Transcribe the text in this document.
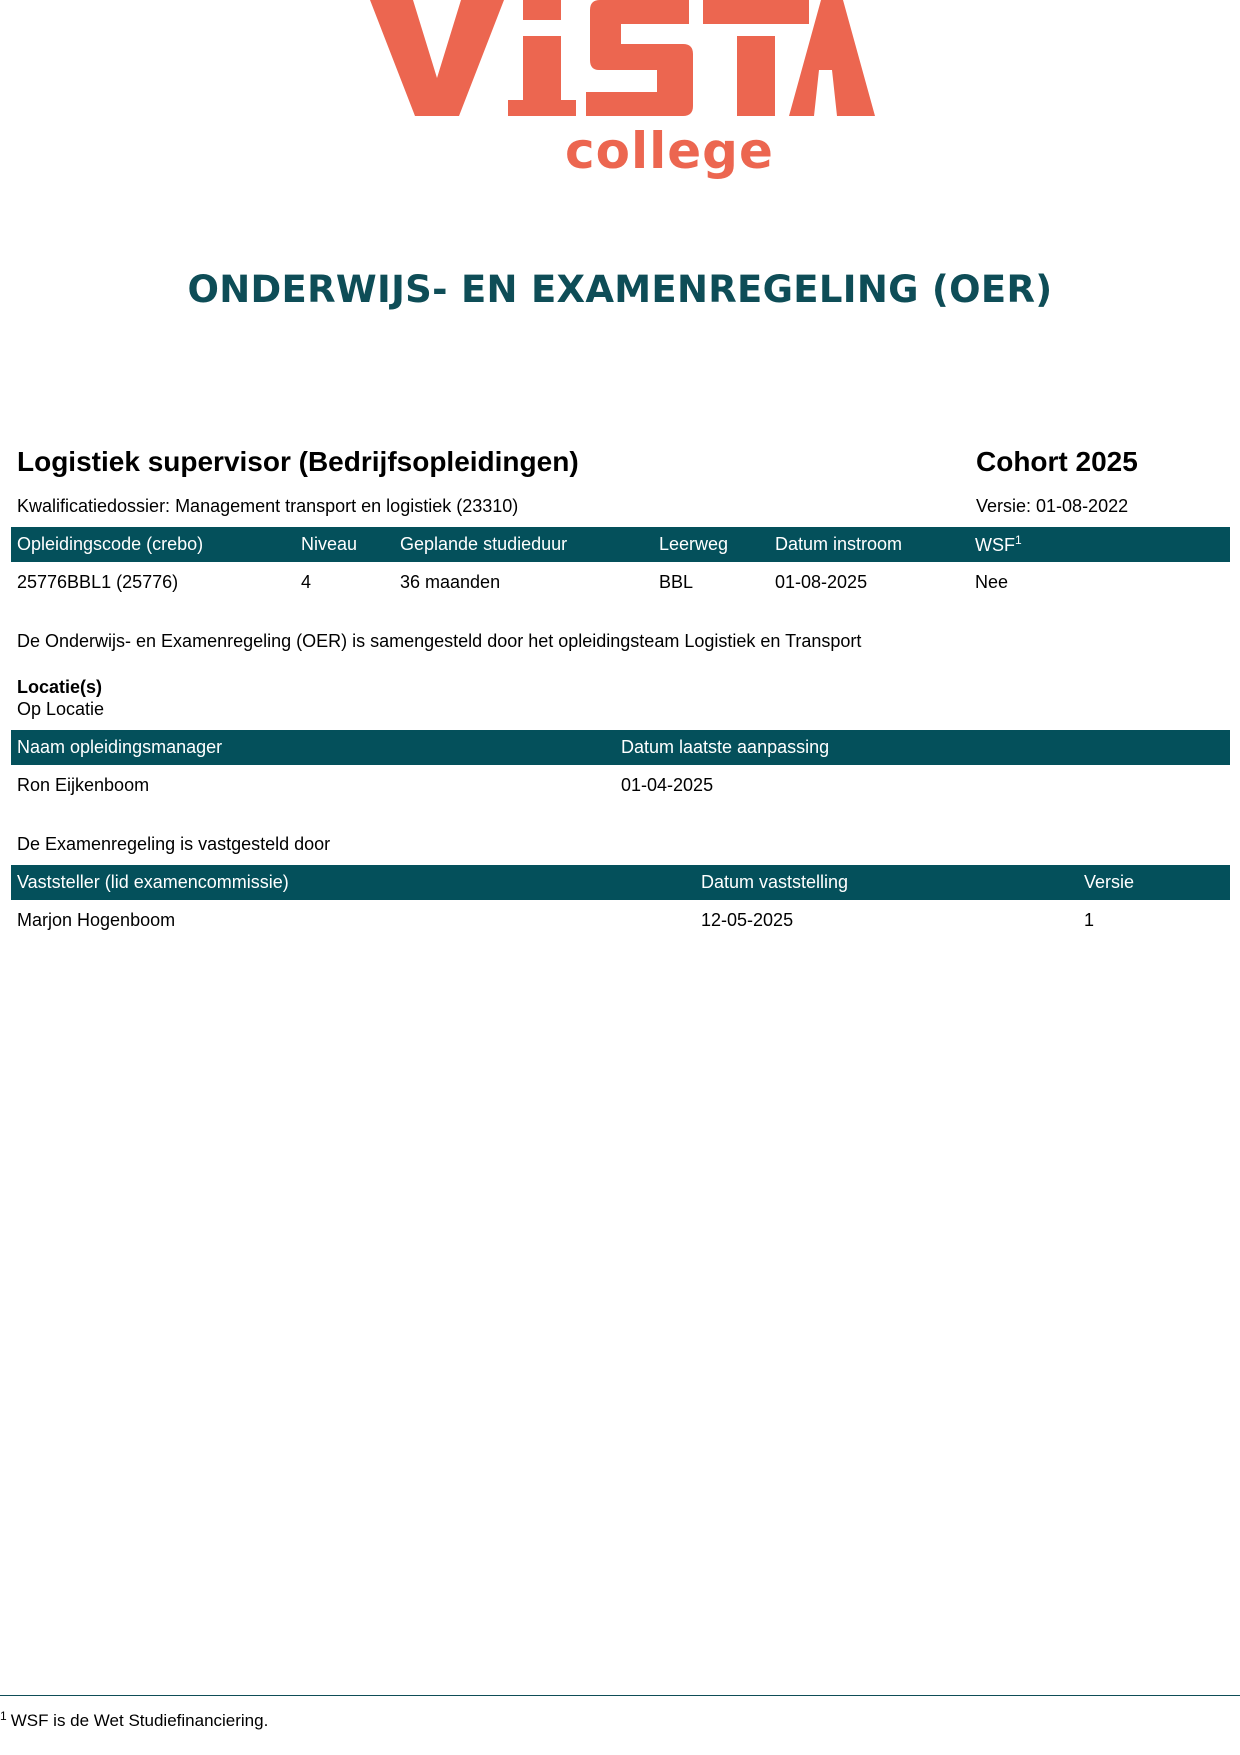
college
ONDERWIJS- EN EXAMENREGELING (OER)
Logistiek supervisor (Bedrijfsopleidingen)	Cohort 2025
Kwalificatiedossier: Management transport en logistiek (23310)	Versie: 01-08-2022
Opleidingscode (crebo)	Niveau	Geplande studieduur	Leerweg	Datum instroom	WSF$^1$
25776BBL1 (25776)	4	36 maanden	BBL	01-08-2025	Nee
De Onderwijs- en Examenregeling (OER) is samengesteld door het opleidingsteam Logistiek en Transport
Locatie(s)
Op Locatie
Naam opleidingsmanager	Datum laatste aanpassing
Ron Eijkenboom	01-04-2025
De Examenregeling is vastgesteld door
Vaststeller (lid examencommissie)	Datum vaststelling	Versie
Marjon Hogenboom	12-05-2025	1
$^1$ WSF is de Wet Studiefinanciering.
